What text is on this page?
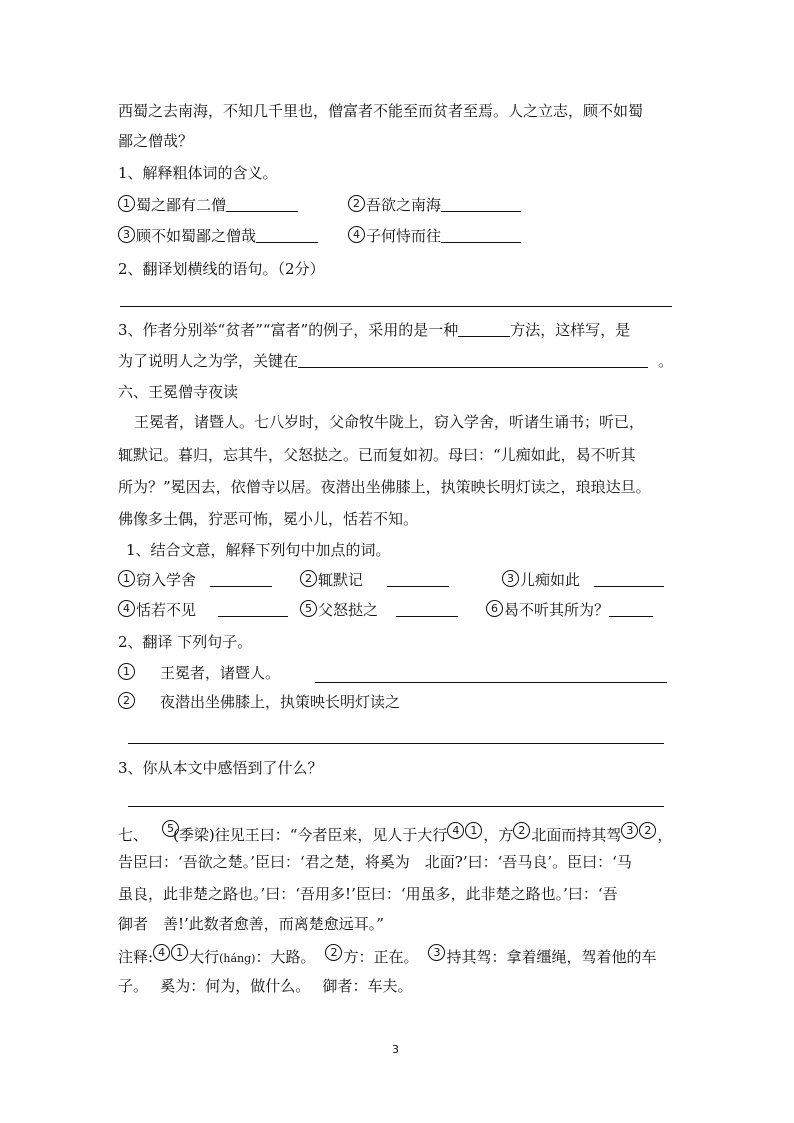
西蜀之去南海，不知几千里也，僧富者不能至而贫者至焉。人之立志，顾不如蜀
鄙之僧哉？
1、解释粗体词的含义。
1 蜀之鄙有二僧	2 吾欲之南海
3 顾不如蜀鄙之僧哉	4 子何恃而往
2、翻译划横线的语句。（2分）
3、作者分别举“贫者”“富者”的例子，采用的是一种	方法，这样写，是
为了说明人之为学，关键在	。
六、王冕僧寺夜读
王冕者，诸暨人。七八岁时，父命牧牛陇上，窃入学舍，听诸生诵书；听已，
辄默记。暮归，忘其牛，父怒挞之。已而复如初。母曰：“儿痴如此，曷不听其
所为？”冕因去，依僧寺以居。夜潜出坐佛膝上，执策映长明灯读之，琅琅达旦。
佛像多土偶，狞恶可怖，冕小儿，恬若不知。
1、结合文意，解释下列句中加点的词。
1 窃入学舍	2 辄默记	3 儿痴如此
4 恬若不见	5 父怒挞之	6 曷不听其所为？
2、翻译 下列句子。
1 王冕者，诸暨人。
2 夜潜出坐佛膝上，执策映长明灯读之
3、你从本文中感悟到了什么？
七、 5(季梁)往见王曰：“今者臣来，见人于大行 4 1 ，方 2 北面而持其驾 3 2 ，
告臣曰：‘吾欲之楚。’臣曰：‘君之楚，将奚为　北面?’曰：‘吾马良’。臣曰：‘马
虽良，此非楚之路也。’曰：‘吾用多!’臣曰：‘用虽多，此非楚之路也。’曰：‘吾
御者　善!’此数者愈善，而离楚愈远耳。”
注释: 4 1 大行(háng)：大路。 2 方：正在。 3 持其驾：拿着缰绳，驾着他的车
子。　 奚为：何为，做什么。　 御者：车夫。
3
